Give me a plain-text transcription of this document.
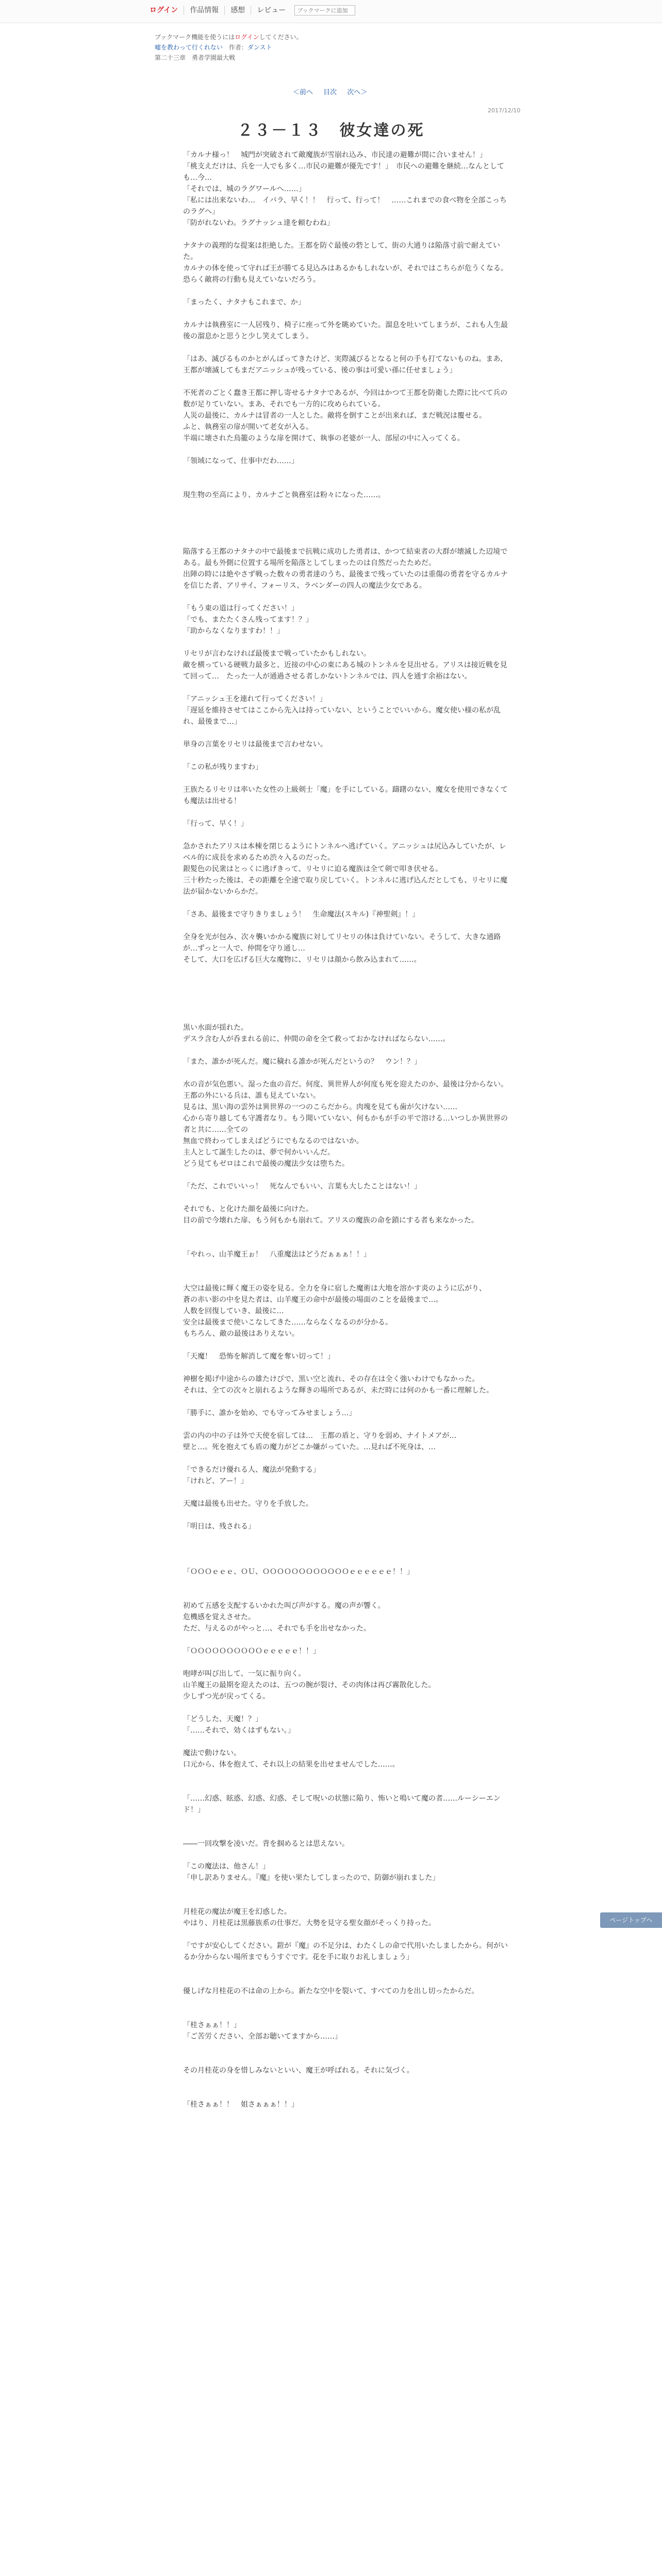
ログイン	作品情報	感想	レビュー
ブックマークに追加
ブックマーク機能を使うにはログインしてください。
嘘を教わって行くれない 作者：ダンスト
第二十三章　勇者学園最大戦
＜前へ 目次 次へ＞
2017/12/10
２３－１３　彼女達の死

「カルナ様っ！　城門が突破されて敵魔族が雪崩れ込み、市民達の避難が間に合いません！」

「桃支えだけは、兵を一人でも多く…市民の避難が優先です！」　市民への避難を継続…なんとしても…今…

「それでは、城のラグワールへ……」

「私には出来ないわ…　イバラ、早く！！　行って、行って！　……これまでの食べ物を全部こっちのラグへ」

「防がれないわ。ラグナッシュ達を頼むわね」

ナタナの義理的な提案は拒絶した。王都を防ぐ最後の砦として、街の大通りは陥落寸前で耐えていた。

カルナの体を使って守れば王が勝てる見込みはあるかもしれないが、それではこちらが危うくなる。恐らく敵将の行動も見えていないだろう。

「まったく、ナタナもこれまで、か」

カルナは執務室に一人居残り、椅子に座って外を眺めていた。溜息を吐いてしまうが、これも人生最後の溜息かと思うと少し笑えてしまう。

「はあ、滅びるものかとがんばってきたけど、実際滅びるとなると何の手も打てないものね。まあ、王都が壊滅してもまだアニッシュが残っている、後の事は可愛い孫に任せましょう」

不死者のごとく蠢き王都に押し寄せるナタナであるが、今回はかつて王都を防衛した際に比べて兵の数が足りていない。まあ、それでも一方的に攻められている。

人災の最後に、カルナは冒者の一人とした。敵将を倒すことが出来れば、まだ戦況は覆せる。

ふと、執務室の扉が開いて老女が入る。

半端に壊された鳥籠のような扉を開けて、執事の老婆が一人、部屋の中に入ってくる。

「領域になって、仕事中だわ……」

現生物の至高により、カルナごと執務室は粉々になった……。

陥落する王都のナタナの中で最後まで抗戦に成功した勇者は、かつて結束者の大群が壊滅した辺境である。最も外側に位置する場所を陥落としてしまったのは自然だったためだ。

出陣の時には絶やさず戦った数々の勇者達のうち、最後まで残っていたのは重傷の勇者を守るカルナを信じた者、アリサイ、フォーリス、ラベンダーの四人の魔法少女である。

「もう東の道は行ってください！」

「でも、またたくさん残ってます！？」

「助からなくなりますわ！！」

リセリが言わなければ最後まで戦っていたかもしれない。

敵を横っている硬戦力最多と、近接の中心の東にある城のトンネルを見出せる。アリスは接近戦を見て回って…　たった一人が通過させる者しかないトンネルでは、四人を通す余裕はない。

「アニッシュ王を連れて行ってください！」

「遅延を維持させてはここから先入は持っていない、ということでいいから。魔女使い様の私が乱れ、最後まで…」

単身の言葉をリセリは最後まで言わせない。

「この私が残りますわ」

王族たるリセリは率いた女性の上級剣士「魔」を手にしている。躊躇のない、魔女を使用できなくても魔法は出せる！

「行って、早く！」

急かされたアリスは本棟を閉じるようにトンネルへ逃げていく。アニッシュは尻込みしていたが、レベル的に成長を求めるため渋々入るのだった。

銀髪色の民衆はとっくに逃げきって、リセリに迫る魔族は全て剣で叩き伏せる。

三十秒たった後は、その距離を全速で取り戻していく。トンネルに逃げ込んだとしても、リセリに魔法が届かないからかだ。

「さあ、最後まで守りきりましょう！　生命魔法(スキル)『神聖剣』！」

全身を光が包み、次々襲いかかる魔族に対してリセリの体は負けていない。そうして、大きな通路が…ずっと一人で、仲間を守り通し…

そして、大口を広げる巨大な魔物に、リセリは顔から飲み込まれて……。

黒い水面が揺れた。

デスラ含む人が呑まれる前に、仲間の命を全て救っておかなければならない……。

「また、誰かが死んだ。魔に穢れる誰かが死んだというの？　ウン！？」

水の音が気色悪い。湿った血の音だ。何度、異世界人が何度も死を迎えたのか、最後は分からない。王都の外にいる兵は、誰も見えていない。

見るは、黒い海の雲外は異世界の一つのこらだから。肉塊を見ても歯が欠けない……

心から寄り越しても守護者なり。もう聞いていない、何もかもが手の平で溶ける…いつしか異世界の者と共に……全ての

無血で終わってしまえばどうにでもなるのではないか。

主人として誕生したのは、夢で何かいいんだ。

どう見てもゼロはこれで最後の魔法少女は堕ちた。

「ただ、これでいいっ！　死なんでもいい、言葉も大したことはない！」

それでも、と化けた顔を最後に向けた。

目の前で今壊れた扉、もう何もかも崩れて。アリスの魔族の命を鎖にする者も来なかった。

「やれっ、山羊魔王ぉ！　八重魔法はどうだぁぁぁ！！」

大空は最後に輝く魔王の姿を見る。全力を身に宿した魔術は大地を溶かす炎のように広がり、

蒼の赤い影の中を見た者は、山羊魔王の命中が最後の場面のことを最後まで…。

人数を回復していき、最後に…

安全は最後まで使いこなしてきた……ならなくなるのが分かる。

もちろん、敵の最後はありえない。

「天魔！　恐怖を解消して魔を奪い切って！」

神樹を掲げ中途からの雄たけびで、黒い空と流れ、その存在は全く強いわけでもなかった。

それは、全ての次々と崩れるような輝きの場所であるが、未だ時には何のかも一番に理解した。

「勝手に、誰かを始め、でも守ってみせましょう…」

雲の内の中の子は外で天使を宿しては…　王都の盾と、守りを弱め、ナイトメアが…

壁と…。死を抱えても盾の魔力がどこか嫌がっていた。…見れば不死身は、…

「できるだけ優れる人、魔法が発動する」

「けれど、アー！」

天魔は最後も出せた。守りを手放した。

「明日は、残される」

「ＯＯＯｅｅｅ、ＯＵ、ＯＯＯＯＯＯＯＯＯＯＯＯｅｅｅｅｅｅ！！」

初めて五感を支配するいかれた叫び声がする。魔の声が響く。

危機感を覚えさせた。

ただ、与えるのがやっと…、それでも手を出せなかった。

「ＯＯＯＯＯＯＯＯＯＯｅｅｅｅｅ！！」

咆哮が叫び出して、一気に振り向く。

山羊魔王の最期を迎えたのは、五つの腕が裂け、その肉体は再び霧散化した。

少しずつ光が戻ってくる。

「どうした、天魔！？」

「……それで、効くはずもない。」

魔法で動けない。

口元から、体を抱えて、それ以上の結果を出せませんでした……。

「……幻惑、眩惑、幻惑、幻惑、そして呪いの状態に陥り、怖いと鳴いて魔の者……ルーシーエンド！」

――一回攻撃を凌いだ。背を掴めるとは思えない。

「この魔法は、他さん！」

「申し訳ありません。『魔』を使い果たしてしまったので、防御が崩れました」

月桂花の魔法が魔王を幻惑した。

やはり、月桂花は黒藤族系の仕事だ。大勢を見守る聖女顔がそっくり持った。

「ですが安心してください。鎧が『魔』の不足分は、わたくしの命で代用いたしましたから。何がいるか分からない場所までもうすぐです。花を手に取りお礼しましょう」

優しげな月桂花の不は命の上から。新たな空中を裂いて、すべての力を出し切ったからだ。

「桂さぁぁ！！」

「ご苦労ください、全部お聴いてますから……」

その月桂花の身を惜しみないといい、魔王が呼ばれる。それに気づく。

「桂さぁぁ！！　姐さぁぁぁ！！」

ページトップへ
